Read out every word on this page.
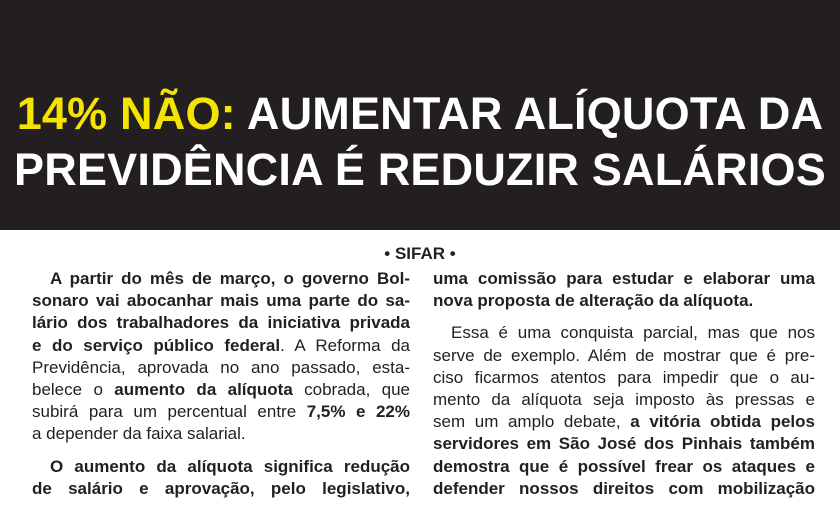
14% NÃO: AUMENTAR ALÍQUOTA DA
PREVIDÊNCIA É REDUZIR SALÁRIOS
• SIFAR •

A partir do mês de março, o governo Bol-
sonaro vai abocanhar mais uma parte do sa-
lário dos trabalhadores da iniciativa privada
e do serviço público federal. A Reforma da
Previdência, aprovada no ano passado, esta-
belece o aumento da alíquota cobrada, que
subirá para um percentual entre 7,5% e 22%
a depender da faixa salarial.

O aumento da alíquota significa redução
de salário e aprovação, pelo legislativo,

uma comissão para estudar e elaborar uma
nova proposta de alteração da alíquota.

Essa é uma conquista parcial, mas que nos
serve de exemplo. Além de mostrar que é pre-
ciso ficarmos atentos para impedir que o au-
mento da alíquota seja imposto às pressas e
sem um amplo debate, a vitória obtida pelos
servidores em São José dos Pinhais também
demostra que é possível frear os ataques e
defender nossos direitos com mobilização
